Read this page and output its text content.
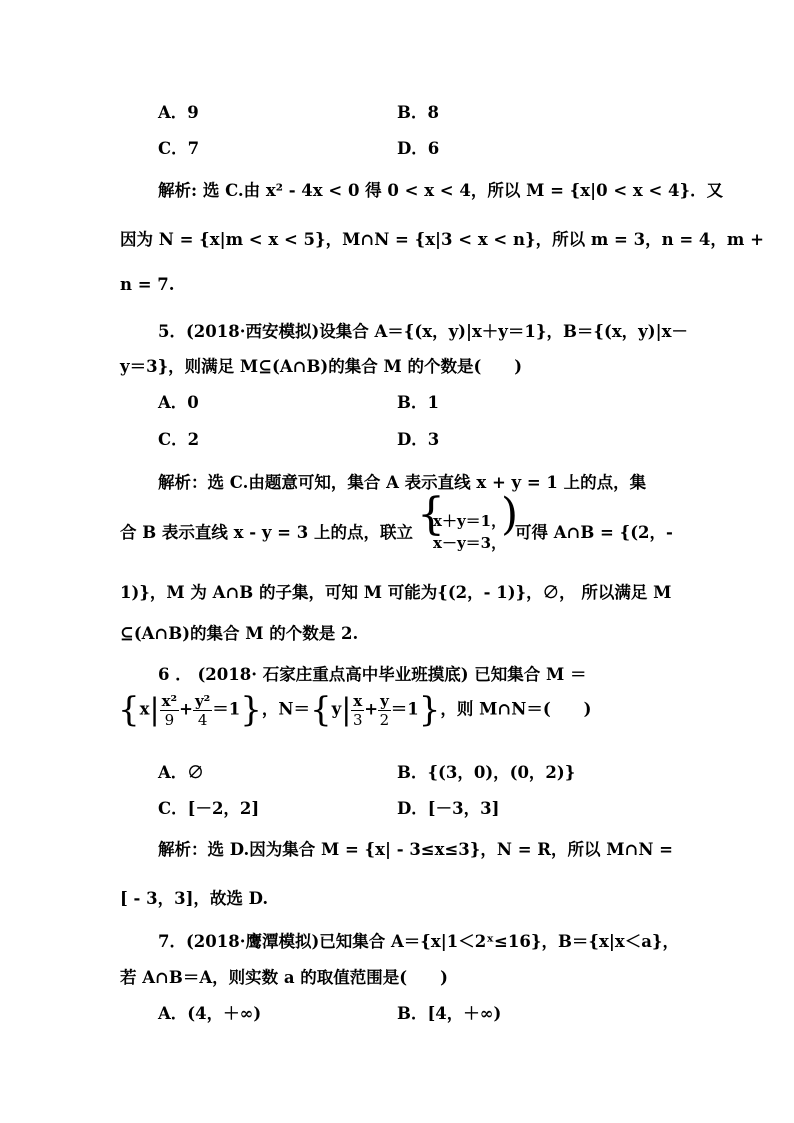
A．9	B．8
C．7	D．6
解析: 选 C.由 x² - 4x < 0 得 0 < x < 4，所以 M = {x|0 < x < 4}．又
因为 N = {x|m < x < 5}，M∩N = {x|3 < x < n}，所以 m = 3，n = 4，m +
n = 7.
5．(2018·西安模拟)设集合 A＝{(x，y)|x＋y＝1}，B＝{(x，y)|x－
y＝3}，则满足 M⊆(A∩B)的集合 M 的个数是(　　)
A．0	B．1
C．2	D．3
解析：选 C.由题意可知，集合 A 表示直线 x + y = 1 上的点，集
合 B 表示直线 x - y = 3 上的点，联立 {
x＋y＝1，
x－y＝3，
)
可得 A∩B = {(2，-
1)}，M 为 A∩B 的子集，可知 M 可能为{(2，- 1)}，∅， 所以满足 M
⊆(A∩B)的集合 M 的个数是 2.
6 ． (2018· 石家庄重点高中毕业班摸底) 已知集合 M ＝
$\{x| \frac{\text{x²}}{9} + \frac{\text{y²}}{4} =1\}$，$N=\{y| \frac{x}{3} + \frac{y}{2} =1\}$，则 M∩N＝(　　)
A．∅	B．{(3，0)，(0，2)}
C．[－2，2]	D．[－3，3]
解析：选 D.因为集合 M = {x| - 3≤x≤3}，N = R，所以 M∩N =
[ - 3，3]，故选 D.
7．(2018·鹰潭模拟)已知集合 A＝{x|1＜2ˣ≤16}，B＝{x|x＜a}，
若 A∩B＝A，则实数 a 的取值范围是(　　)
A．(4，＋∞)	B．[4，＋∞)
